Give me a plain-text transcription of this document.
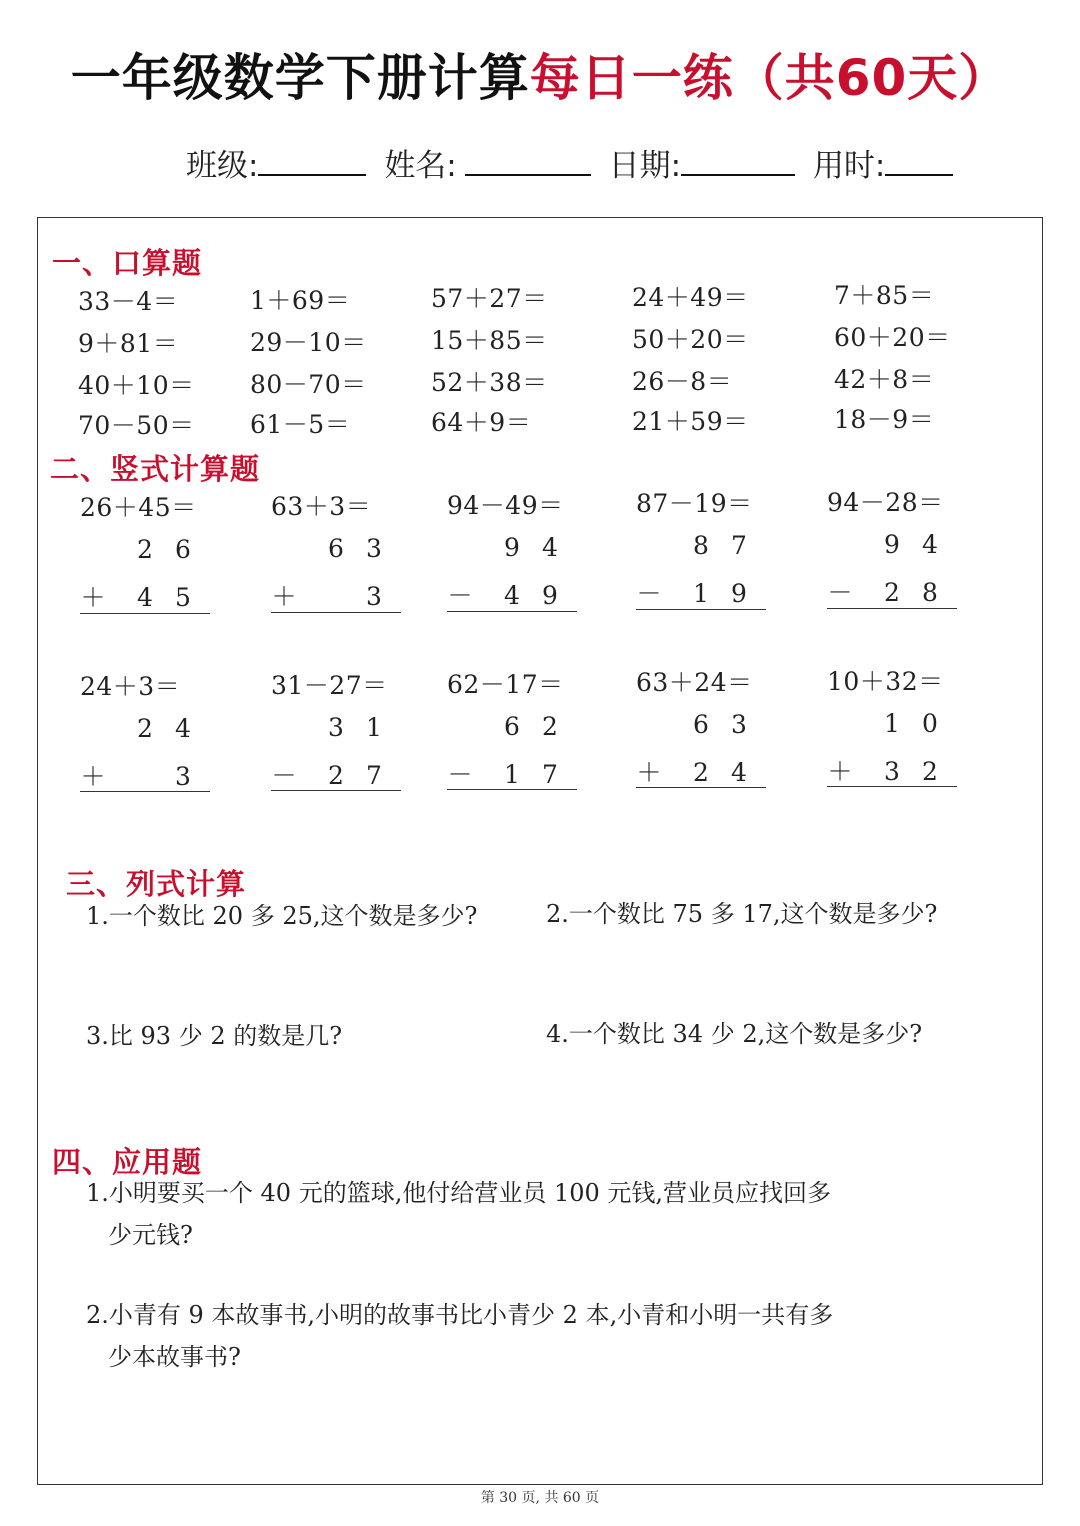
一年级数学下册计算每日一练（共60天）
班级:	姓名:	日期:	用时:
一、口算题
33－4＝	1＋69＝	57＋27＝	24＋49＝	7＋85＝
9＋81＝	29－10＝	15＋85＝	50＋20＝	60＋20＝
40＋10＝ 80－70＝	52＋38＝	26－8＝	42＋8＝
70－50＝ 61－5＝	64＋9＝	21＋59＝	18－9＝
二、竖式计算题
26＋45＝
2 6
＋ 4 5
63＋3＝
6 3
＋	3
94－49＝
9 4
－ 4 9
87－19＝
8 7
－ 1 9
94－28＝
9 4
－ 2 8
24＋3＝
2 4
＋	3
31－27＝
3 1
－ 2 7
62－17＝
6 2
－ 1 7
63＋24＝
6 3
＋ 2 4
10＋32＝
1 0
＋ 3 2
三、列式计算
1.一个数比 20 多 25,这个数是多少?	2.一个数比 75 多 17,这个数是多少?
3.比 93 少 2 的数是几?	4.一个数比 34 少 2,这个数是多少?
四、应用题
1.小明要买一个 40 元的篮球,他付给营业员 100 元钱,营业员应找回多
少元钱?
2.小青有 9 本故事书,小明的故事书比小青少 2 本,小青和小明一共有多
少本故事书?
第 30 页, 共 60 页
